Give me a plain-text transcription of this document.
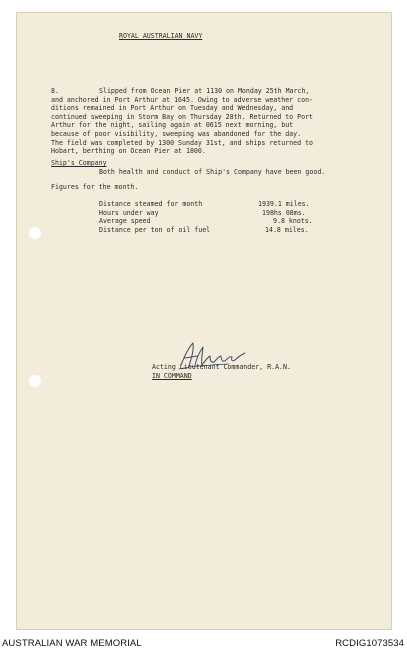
ROYAL AUSTRALIAN NAVY
8.	Slipped from Ocean Pier at 1130 on Monday 25th March,
and anchored in Port Arthur at 1645. Owing to adverse weather con-
ditions remained in Port Arthur on Tuesday and Wednesday, and
continued sweeping in Storm Bay on Thursday 28th. Returned to Port
Arthur for the night, sailing again at 0615 next morning, but
because of poor visibility, sweeping was abandoned for the day.
The field was completed by 1300 Sunday 31st, and ships returned to
Hobart, berthing on Ocean Pier at 1800.
Ship's Company
Both health and conduct of Ship's Company have been good.
Figures for the month.
Distance steamed for month	1939.1 miles.
Hours under way	198hs 08ms.
Average speed	9.8 knots.
Distance per ton of oil fuel	14.8 miles.
Acting Lieutenant Commander, R.A.N.
IN COMMAND
AUSTRALIAN WAR MEMORIAL	RCDIG1073534
